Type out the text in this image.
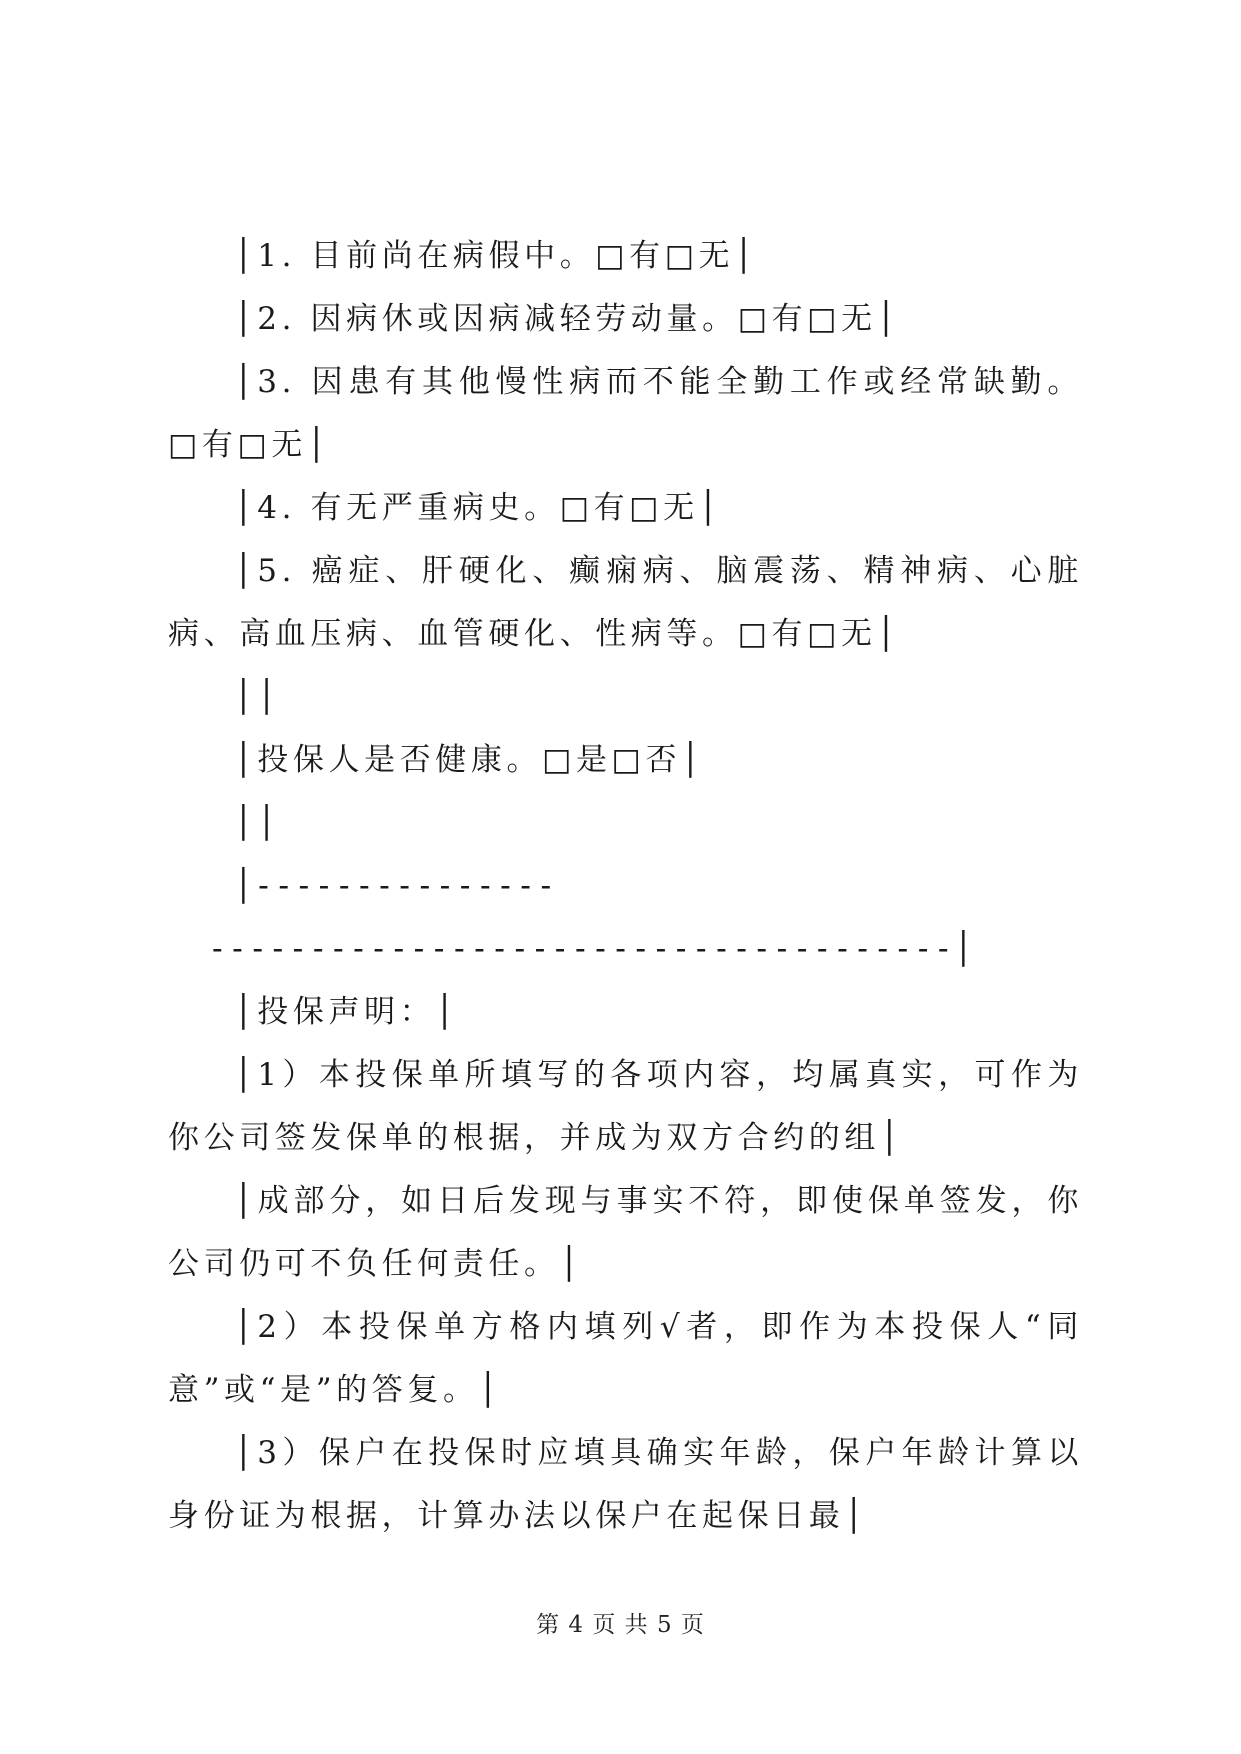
│1. 目前尚在病假中。□有□无│

│2. 因病休或因病减轻劳动量。□有□无│

│3. 因患有其他慢性病而不能全勤工作或经常缺勤。□有□无│

│4. 有无严重病史。□有□无│

│5. 癌症、肝硬化、癫痫病、脑震荡、精神病、心脏病、高血压病、血管硬化、性病等。□有□无│

││

│投保人是否健康。□是□否│

││

│---------------

-------------------------------------│

│投保声明：│

│1）本投保单所填写的各项内容，均属真实，可作为你公司签发保单的根据，并成为双方合约的组│

│成部分，如日后发现与事实不符，即使保单签发，你公司仍可不负任何责任。│

│2）本投保单方格内填列√者，即作为本投保人“同意”或“是”的答复。│

│3）保户在投保时应填具确实年龄，保户年龄计算以身份证为根据，计算办法以保户在起保日最│

第 4 页 共 5 页
